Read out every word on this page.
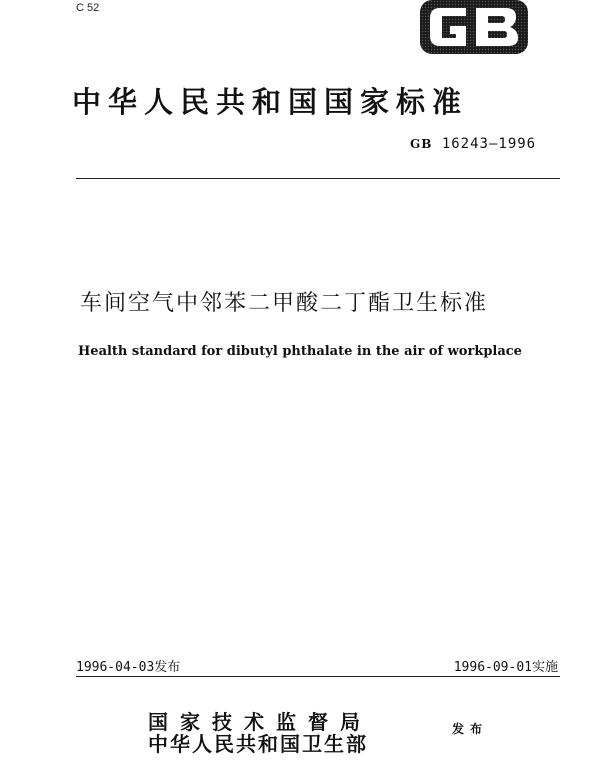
C 52
GB
中华人民共和国国家标准
GB 16243—1996
车间空气中邻苯二甲酸二丁酯卫生标准
Health standard for dibutyl phthalate in the air of workplace
1996-04-03发布	1996-09-01实施
国家技术监督局
中华人民共和国卫生部
发布
